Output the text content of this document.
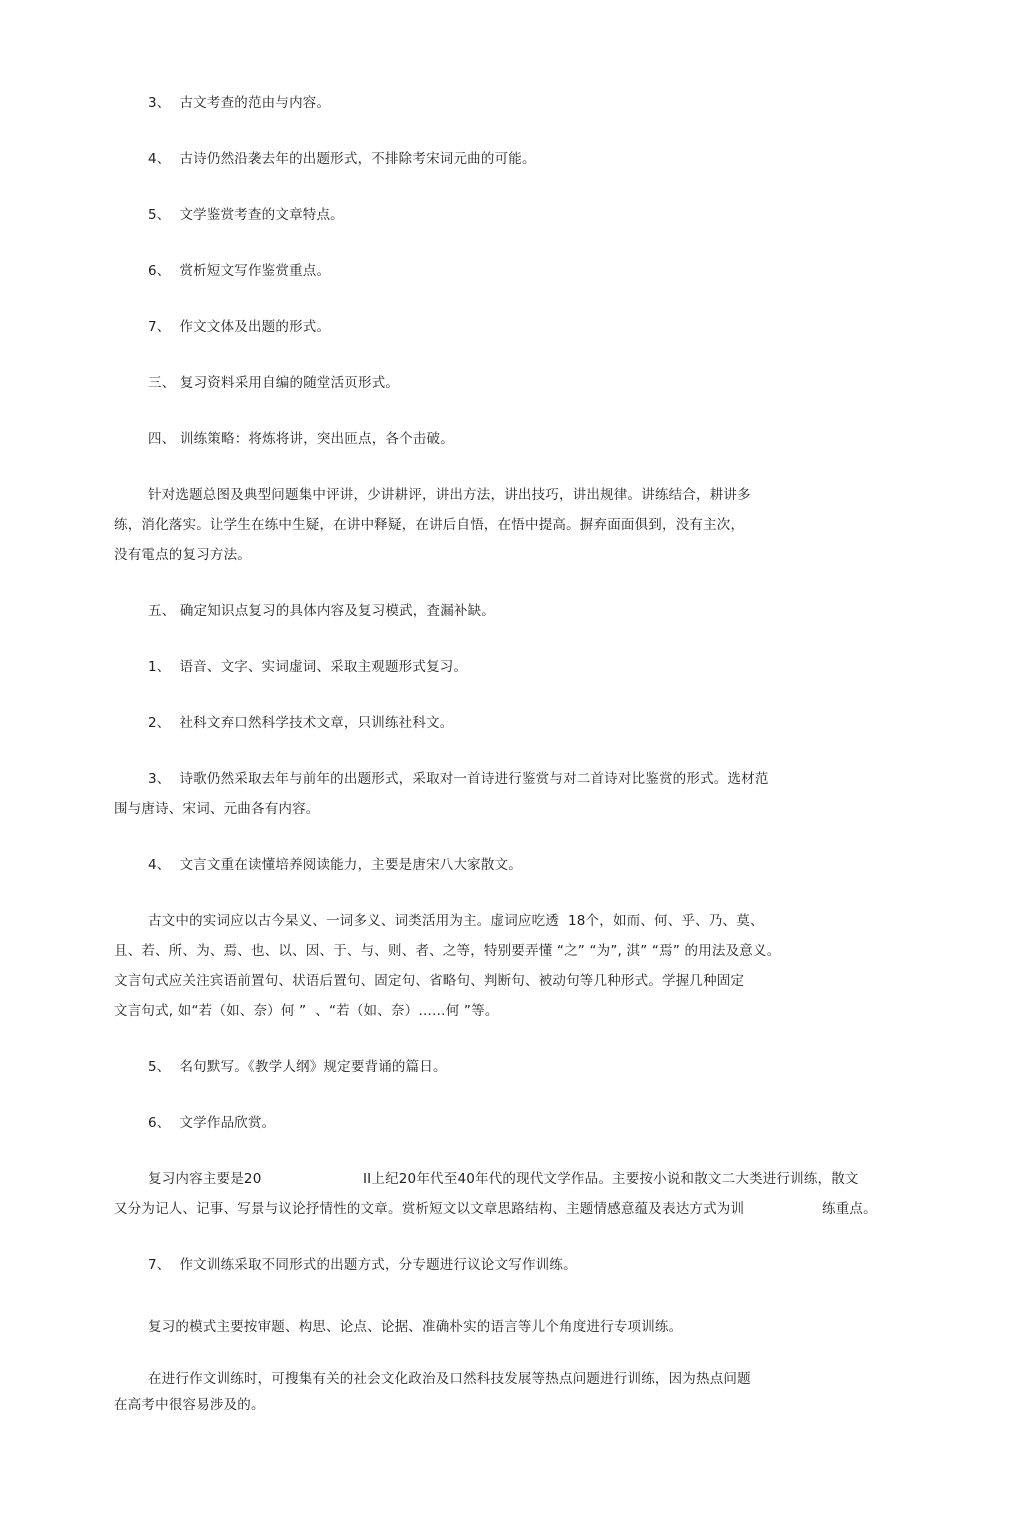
3、  古文考查的范由与内容。
4、  古诗仍然沿袭去年的出题形式，不排除考宋词元曲的可能。
5、  文学鉴赏考查的文章特点。
6、  赏析短文写作鉴赏重点。
7、  作文文体及出题的形式。
三、 复习资料采用自编的随堂活页形式。
四、 训练策略：将炼将讲，突出匝点，各个击破。
针对选题总图及典型问题集中评讲，少讲耕评，讲出方法，讲出技巧，讲出规律。讲练结合，耕讲多
练，消化落实。让学生在练中生疑，在讲中释疑，在讲后自悟，在悟中提高。摒弃面面俱到，没有主次，
没有電点的复习方法。
五、 确定知识点复习的具体内容及复习模武，査漏补缺。
1、  语音、文字、实词虚词、采取主观题形式复习。
2、  社科文弃口然科学技术文章，只训练社科文。
3、  诗歌仍然采取去年与前年的出题形式，采取对一首诗进行鉴赏与对二首诗对比鉴赏的形式。选材范
围与唐诗、宋词、元曲各有内容。
4、  文言文重在读懂培养阅读能力，主要是唐宋八大家散文。
古文中的实词应以古今杲义、一词多义、词类活用为主。虚词应吃透  18个，如而、何、乎、乃、莫、
且、若、所、为、焉、也、以、因、于、与、则、者、之等，特别要弄懂 “之” “为”, 淇” “焉” 的用法及意义。
文言句式应关注宾语前置句、状语后置句、固定句、省略句、判断句、被动句等几种形式。学握几种固定
文言句式, 如“若（如、奈）何 ”  、“若（如、奈）……何 ”等。
5、  名句默写。《教学人纲》规定要背诵的篇日。
6、  文学作品欣赏。
复习内容主要是20	II上纪20年代至40年代的现代文学作品。主要按小说和散文二大类进行训练，散文
又分为记人、记事、写景与议论抒情性的文章。赏析短文以文章思路结构、主题情感意蕴及表达方式为训	练重点。
7、  作文训练采取不同形式的出题方式，分专题进行议论文写作训练。
复习的模式主要按审题、构思、论点、论据、准确朴实的语言等儿个角度进行专项训练。
在进行作文训练时，可搜集有关的社会文化政治及口然科技发展等热点问题进行训练，因为热点问题
在高考中很容易涉及的。
